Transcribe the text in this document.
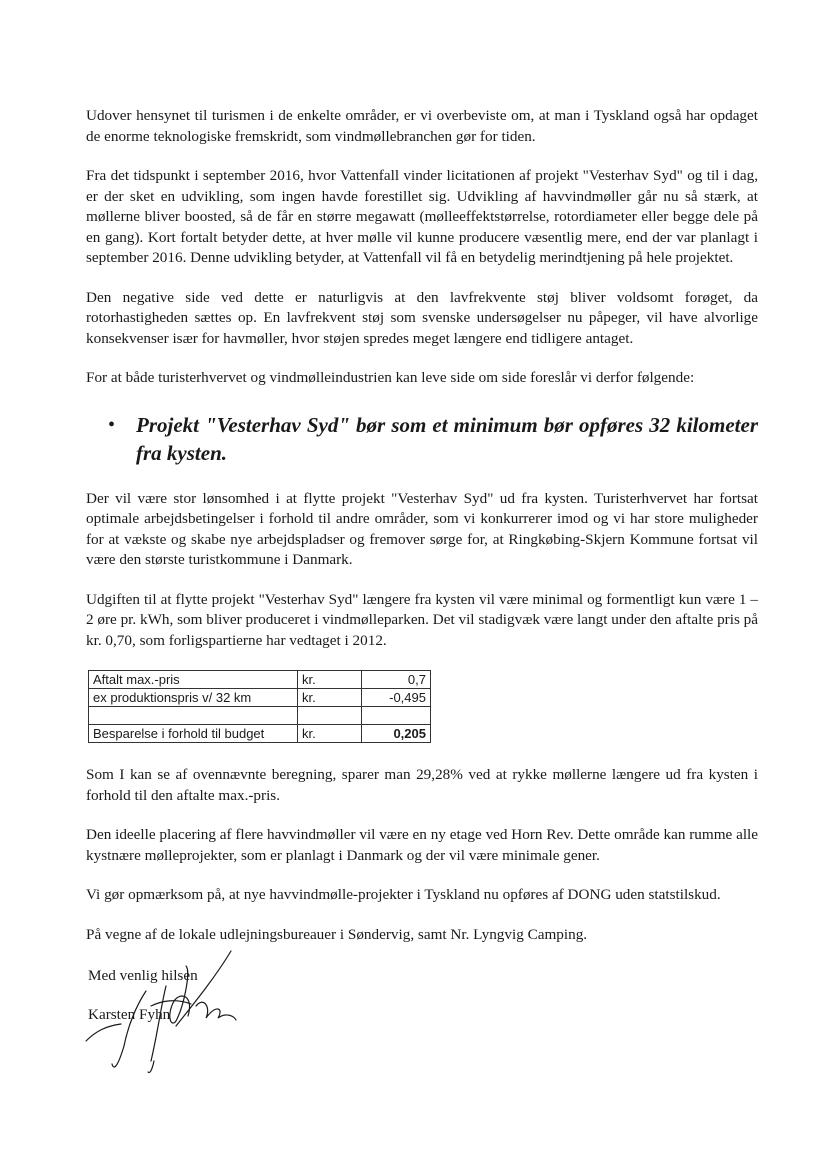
Udover hensynet til turismen i de enkelte områder, er vi overbeviste om, at man i Tyskland også har opdaget de enorme teknologiske fremskridt, som vindmøllebranchen gør for tiden.

Fra det tidspunkt i september 2016, hvor Vattenfall vinder licitationen af projekt "Vesterhav Syd" og til i dag, er der sket en udvikling, som ingen havde forestillet sig. Udvikling af havvindmøller går nu så stærk, at møllerne bliver boosted, så de får en større megawatt (mølleeffektstørrelse, rotordiameter eller begge dele på en gang). Kort fortalt betyder dette, at hver mølle vil kunne producere væsentlig mere, end der var planlagt i september 2016. Denne udvikling betyder, at Vattenfall vil få en betydelig merindtjening på hele projektet.

Den negative side ved dette er naturligvis at den lavfrekvente støj bliver voldsomt forøget, da rotorhastigheden sættes op. En lavfrekvent støj som svenske undersøgelser nu påpeger, vil have alvorlige konsekvenser især for havmøller, hvor støjen spredes meget længere end tidligere antaget.

For at både turisterhvervet og vindmølleindustrien kan leve side om side foreslår vi derfor følgende:

• Projekt "Vesterhav Syd" bør som et minimum bør opføres 32 kilometer fra kysten.

Der vil være stor lønsomhed i at flytte projekt "Vesterhav Syd" ud fra kysten. Turisterhvervet har fortsat optimale arbejdsbetingelser i forhold til andre områder, som vi konkurrerer imod og vi har store muligheder for at vækste og skabe nye arbejdspladser og fremover sørge for, at Ringkøbing-Skjern Kommune fortsat vil være den største turistkommune i Danmark.

Udgiften til at flytte projekt "Vesterhav Syd" længere fra kysten vil være minimal og formentligt kun være 1 – 2 øre pr. kWh, som bliver produceret i vindmølleparken. Det vil stadigvæk være langt under den aftalte pris på kr. 0,70, som forligspartierne har vedtaget i 2012.

Aftalt max.-pris	kr.	0,7
ex produktionspris v/ 32 km	kr.	-0,495

Besparelse i forhold til budget	kr.	0,205

Som I kan se af ovennævnte beregning, sparer man 29,28% ved at rykke møllerne længere ud fra kysten i forhold til den aftalte max.-pris.

Den ideelle placering af flere havvindmøller vil være en ny etage ved Horn Rev. Dette område kan rumme alle kystnære mølleprojekter, som er planlagt i Danmark og der vil være minimale gener.

Vi gør opmærksom på, at nye havvindmølle-projekter i Tyskland nu opføres af DONG uden statstilskud.

På vegne af de lokale udlejningsbureauer i Søndervig, samt Nr. Lyngvig Camping.

Med venlig hilsen
Karsten Fyhn
